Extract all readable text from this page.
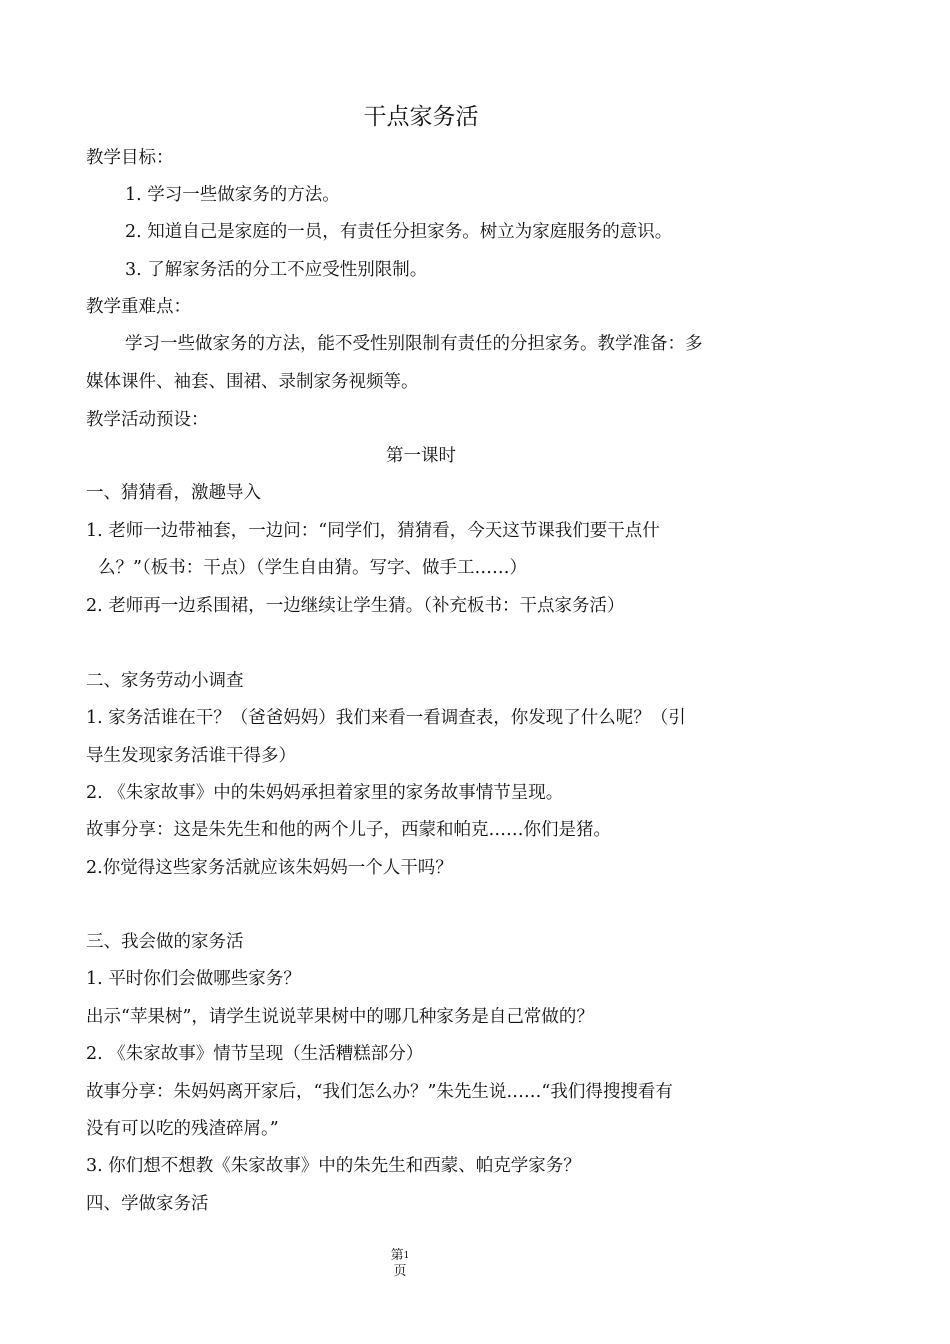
干点家务活
教学目标：
1. 学习一些做家务的方法。
2. 知道自己是家庭的一员，有责任分担家务。树立为家庭服务的意识。
3. 了解家务活的分工不应受性别限制。
教学重难点：
学习一些做家务的方法，能不受性别限制有责任的分担家务。教学准备：多
媒体课件、袖套、围裙、录制家务视频等。
教学活动预设：
第一课时
一、猜猜看，激趣导入
1. 老师一边带袖套，一边问：“同学们，猜猜看，今天这节课我们要干点什
么？”（板书：干点）（学生自由猜。写字、做手工……）
2. 老师再一边系围裙，一边继续让学生猜。（补充板书：干点家务活）
二、家务劳动小调查
1. 家务活谁在干？（爸爸妈妈）我们来看一看调查表，你发现了什么呢？（引
导生发现家务活谁干得多）
2. 《朱家故事》中的朱妈妈承担着家里的家务故事情节呈现。
故事分享：这是朱先生和他的两个儿子，西蒙和帕克……你们是猪。
2.你觉得这些家务活就应该朱妈妈一个人干吗？
三、我会做的家务活
1. 平时你们会做哪些家务？
出示“苹果树”，请学生说说苹果树中的哪几种家务是自己常做的？
2. 《朱家故事》情节呈现（生活糟糕部分）
故事分享：朱妈妈离开家后，“我们怎么办？”朱先生说……“我们得搜搜看有
没有可以吃的残渣碎屑。”
3. 你们想不想教《朱家故事》中的朱先生和西蒙、帕克学家务？
四、学做家务活
第$^1$
页
